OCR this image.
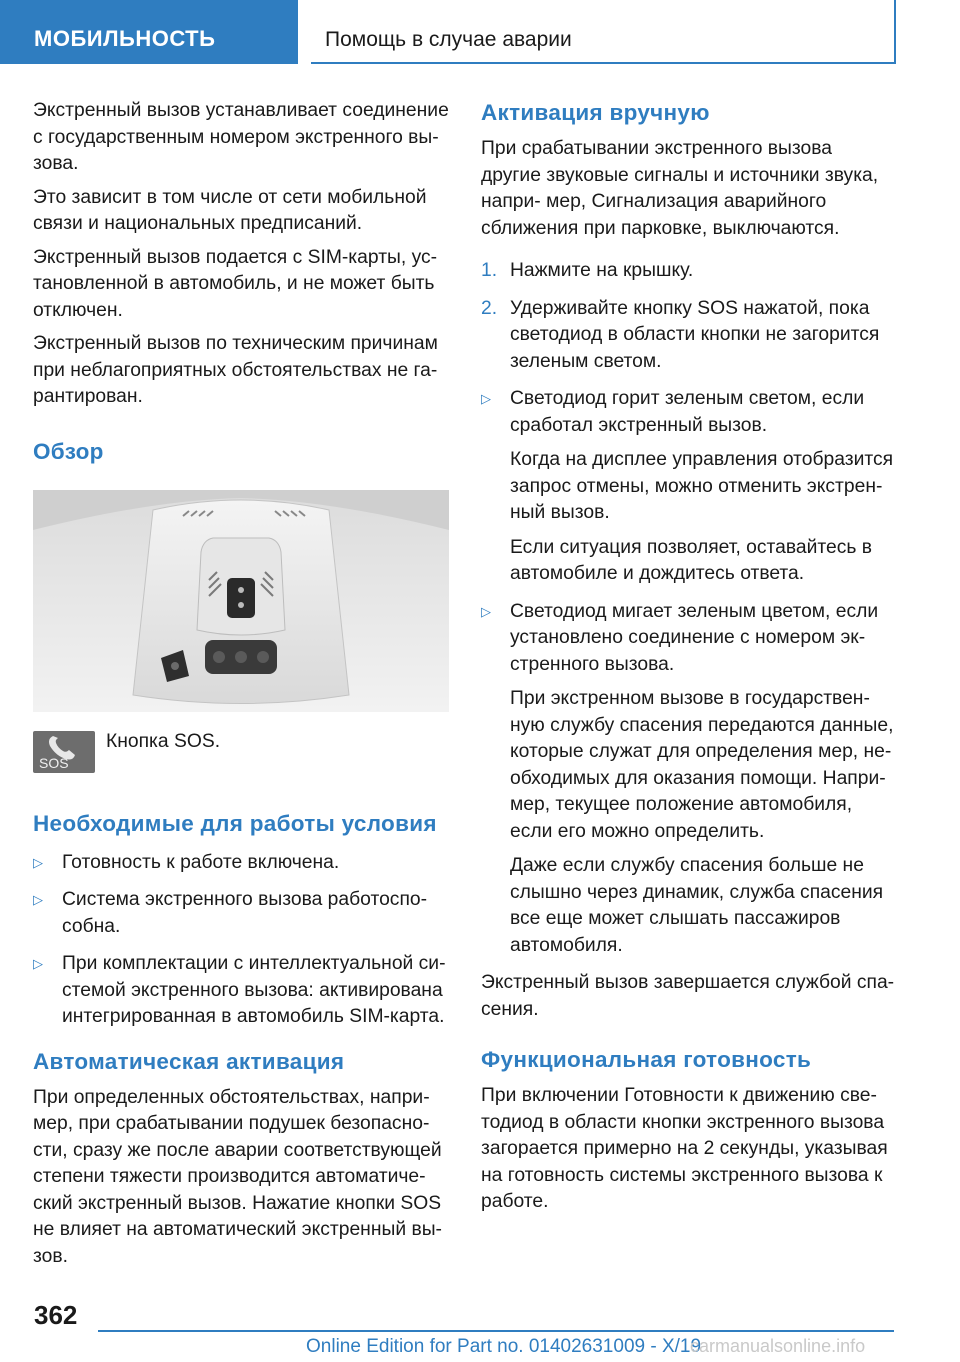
МОБИЛЬНОСТЬ	Помощь в случае аварии

Экстренный вызов устанавливает соединение с государственным номером экстренного вы‐ зова.

Это зависит в том числе от сети мобильной связи и национальных предписаний.

Экстренный вызов подается с SIM-карты, ус‐ тановленной в автомобиль, и не может быть отключен.

Экстренный вызов по техническим причинам при неблагоприятных обстоятельствах не га‐ рантирован.

Обзор
SOS
Кнопка SOS.
Необходимые для работы условия
▷ Готовность к работе включена.
▷ Система экстренного вызова работоспо‐ собна.
▷ При комплектации с интеллектуальной си‐ стемой экстренного вызова: активирована интегрированная в автомобиль SIM-карта.
Автоматическая активация

При определенных обстоятельствах, напри‐ мер, при срабатывании подушек безопасно‐ сти, сразу же после аварии соответствующей степени тяжести производится автоматиче‐ ский экстренный вызов. Нажатие кнопки SOS не влияет на автоматический экстренный вы‐ зов.

Активация вручную

При срабатывании экстренного вызова другие звуковые сигналы и источники звука, напри‐ мер, Сигнализация аварийного сближения при парковке, выключаются.

1. Нажмите на крышку.
2. Удерживайте кнопку SOS нажатой, пока светодиод в области кнопки не загорится зеленым светом.
▷ Светодиод горит зеленым светом, если сработал экстренный вызов.
Когда на дисплее управления отобразится запрос отмены, можно отменить экстрен‐ ный вызов.
Если ситуация позволяет, оставайтесь в автомобиле и дождитесь ответа.
▷ Светодиод мигает зеленым цветом, если установлено соединение с номером эк‐ стренного вызова.
При экстренном вызове в государствен‐ ную службу спасения передаются данные, которые служат для определения мер, не‐ обходимых для оказания помощи. Напри‐ мер, текущее положение автомобиля, если его можно определить.
Даже если службу спасения больше не слышно через динамик, служба спасения все еще может слышать пассажиров автомобиля.

Экстренный вызов завершается службой спа‐ сения.

Функциональная готовность

При включении Готовности к движению све‐ тодиод в области кнопки экстренного вызова загорается примерно на 2 секунды, указывая на готовность системы экстренного вызова к работе.

362
Online Edition for Part no. 01402631009 - X/19
carmanualsonline.info
